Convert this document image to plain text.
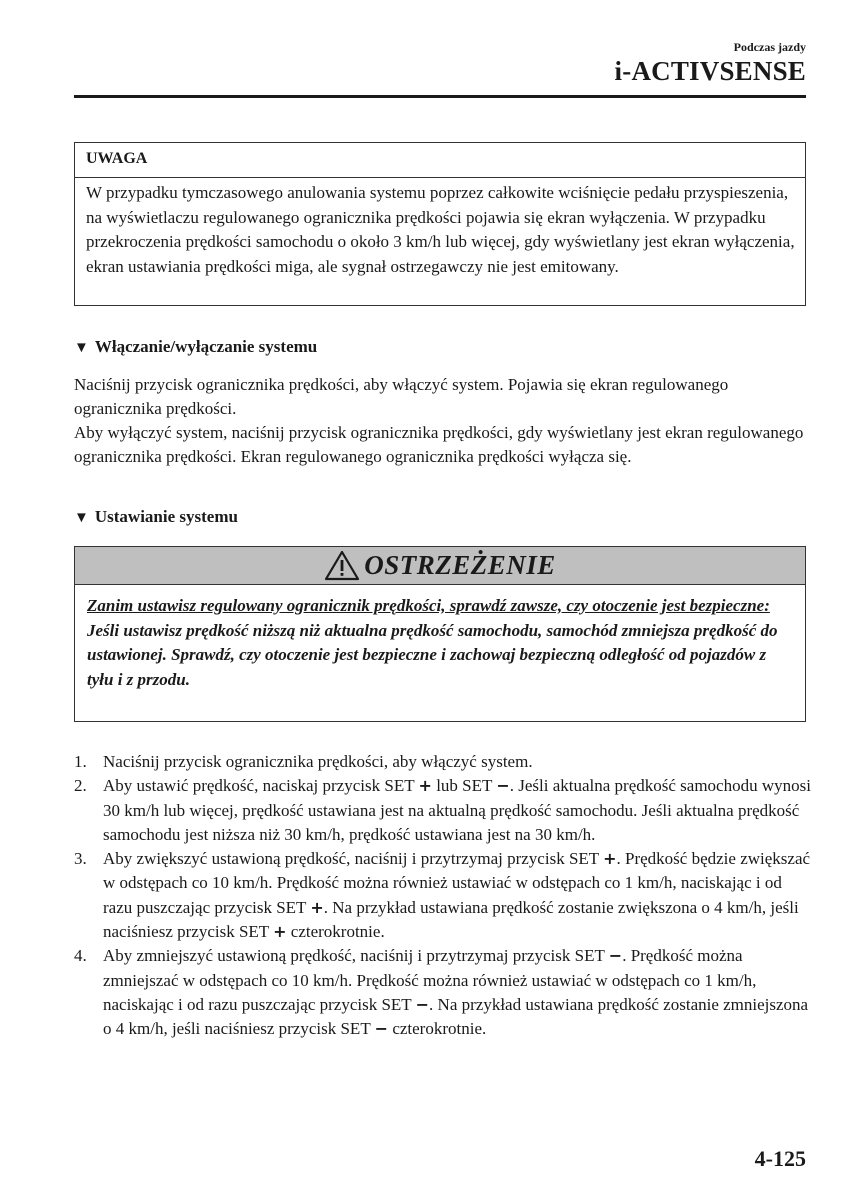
Podczas jazdy
i-ACTIVSENSE
UWAGA
W przypadku tymczasowego anulowania systemu poprzez całkowite wciśnięcie pedału przyspieszenia, na wyświetlaczu regulowanego ogranicznika prędkości pojawia się ekran wyłączenia. W przypadku przekroczenia prędkości samochodu o około 3 km/h lub więcej, gdy wyświetlany jest ekran wyłączenia, ekran ustawiania prędkości miga, ale sygnał ostrzegawczy nie jest emitowany.
▼ Włączanie/wyłączanie systemu
Naciśnij przycisk ogranicznika prędkości, aby włączyć system. Pojawia się ekran regulowanego ogranicznika prędkości.
Aby wyłączyć system, naciśnij przycisk ogranicznika prędkości, gdy wyświetlany jest ekran regulowanego ogranicznika prędkości. Ekran regulowanego ogranicznika prędkości wyłącza się.
▼ Ustawianie systemu
OSTRZEŻENIE
Zanim ustawisz regulowany ogranicznik prędkości, sprawdź zawsze, czy otoczenie jest bezpieczne:
Jeśli ustawisz prędkość niższą niż aktualna prędkość samochodu, samochód zmniejsza prędkość do ustawionej. Sprawdź, czy otoczenie jest bezpieczne i zachowaj bezpieczną odległość od pojazdów z tyłu i z przodu.
1. Naciśnij przycisk ogranicznika prędkości, aby włączyć system.
2. Aby ustawić prędkość, naciskaj przycisk SET + lub SET −. Jeśli aktualna prędkość samochodu wynosi 30 km/h lub więcej, prędkość ustawiana jest na aktualną prędkość samochodu. Jeśli aktualna prędkość samochodu jest niższa niż 30 km/h, prędkość ustawiana jest na 30 km/h.
3. Aby zwiększyć ustawioną prędkość, naciśnij i przytrzymaj przycisk SET +. Prędkość będzie zwiększać w odstępach co 10 km/h. Prędkość można również ustawiać w odstępach co 1 km/h, naciskając i od razu puszczając przycisk SET +. Na przykład ustawiana prędkość zostanie zwiększona o 4 km/h, jeśli naciśniesz przycisk SET + czterokrotnie.
4. Aby zmniejszyć ustawioną prędkość, naciśnij i przytrzymaj przycisk SET −. Prędkość można zmniejszać w odstępach co 10 km/h. Prędkość można również ustawiać w odstępach co 1 km/h, naciskając i od razu puszczając przycisk SET −. Na przykład ustawiana prędkość zostanie zmniejszona o 4 km/h, jeśli naciśniesz przycisk SET − czterokrotnie.
4-125
